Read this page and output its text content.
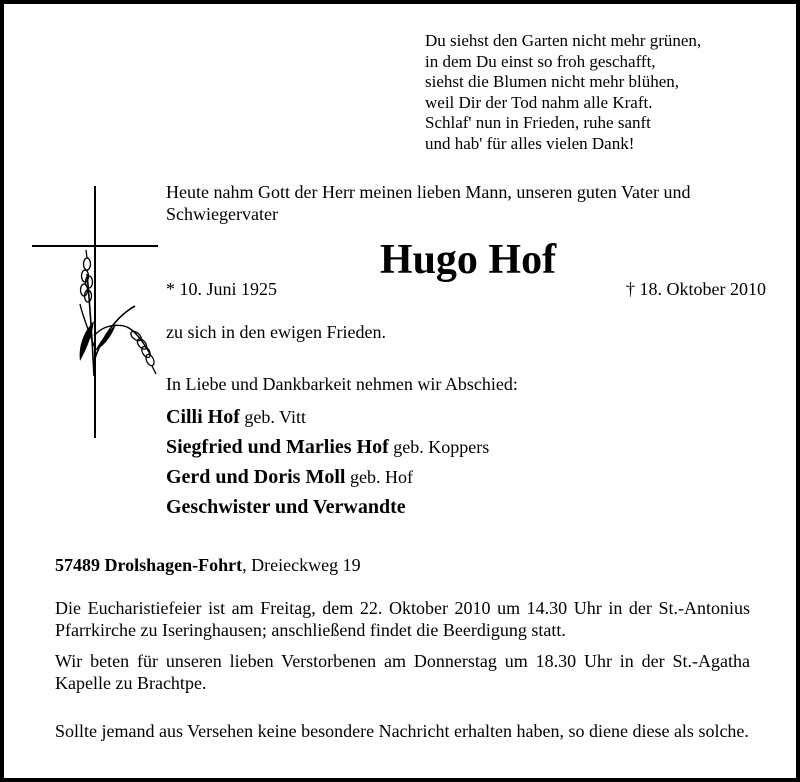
Du siehst den Garten nicht mehr grünen,
in dem Du einst so froh geschafft,
siehst die Blumen nicht mehr blühen,
weil Dir der Tod nahm alle Kraft.
Schlaf' nun in Frieden, ruhe sanft
und hab' für alles vielen Dank!
Heute nahm Gott der Herr meinen lieben Mann, unseren guten Vater und
Schwiegervater
Hugo Hof
* 10. Juni 1925	† 18. Oktober 2010
zu sich in den ewigen Frieden.
In Liebe und Dankbarkeit nehmen wir Abschied:
Cilli Hof geb. Vitt
Siegfried und Marlies Hof geb. Koppers
Gerd und Doris Moll geb. Hof
Geschwister und Verwandte
57489 Drolshagen-Fohrt, Dreieckweg 19
Die Eucharistiefeier ist am Freitag, dem 22. Oktober 2010 um 14.30 Uhr in der St.-Antonius Pfarrkirche zu Iseringhausen; anschließend findet die Beerdigung statt.
Wir beten für unseren lieben Verstorbenen am Donnerstag um 18.30 Uhr in der St.-Agatha Kapelle zu Brachtpe.
Sollte jemand aus Versehen keine besondere Nachricht erhalten haben, so diene diese als solche.
